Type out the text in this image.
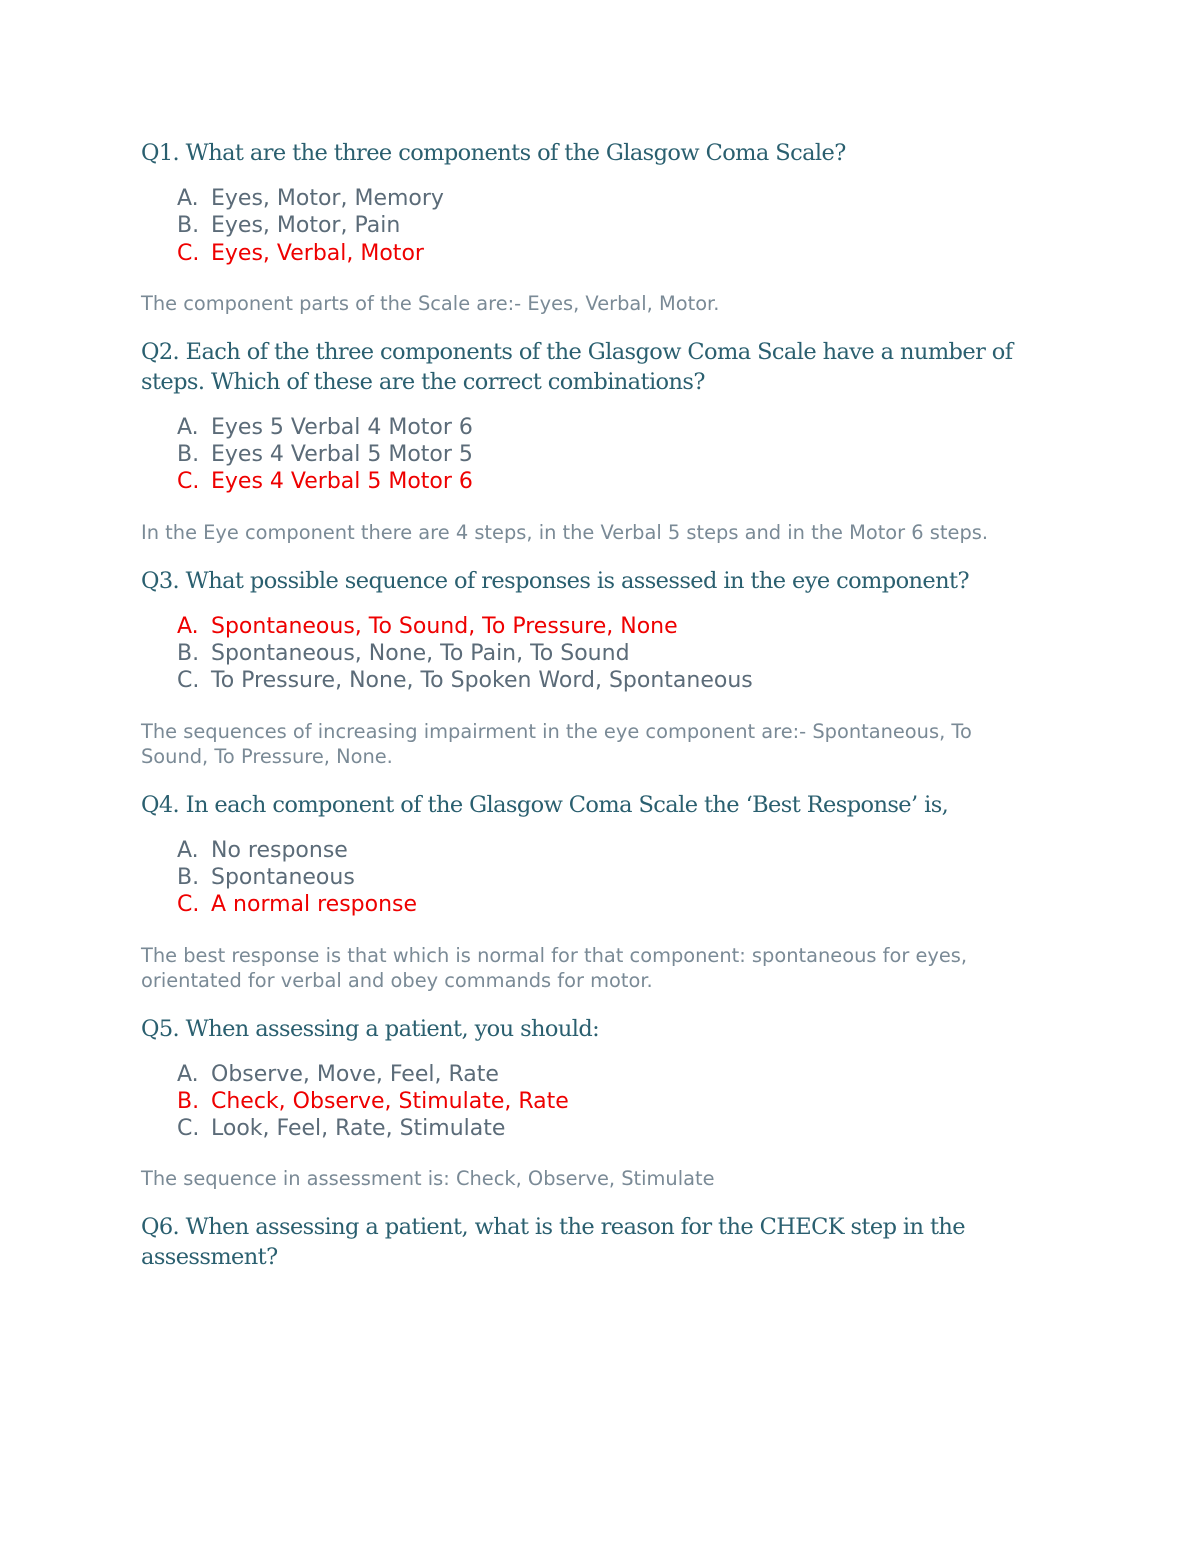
Q1. What are the three components of the Glasgow Coma Scale?

A. Eyes, Motor, Memory
B. Eyes, Motor, Pain
C. Eyes, Verbal, Motor

The component parts of the Scale are:- Eyes, Verbal, Motor.

Q2. Each of the three components of the Glasgow Coma Scale have a number of steps. Which of these are the correct combinations?

A. Eyes 5 Verbal 4 Motor 6
B. Eyes 4 Verbal 5 Motor 5
C. Eyes 4 Verbal 5 Motor 6

In the Eye component there are 4 steps, in the Verbal 5 steps and in the Motor 6 steps.

Q3. What possible sequence of responses is assessed in the eye component?

A. Spontaneous, To Sound, To Pressure, None
B. Spontaneous, None, To Pain, To Sound
C. To Pressure, None, To Spoken Word, Spontaneous

The sequences of increasing impairment in the eye component are:- Spontaneous, To Sound, To Pressure, None.

Q4. In each component of the Glasgow Coma Scale the ‘Best Response’ is,

A. No response
B. Spontaneous
C. A normal response

The best response is that which is normal for that component: spontaneous for eyes, orientated for verbal and obey commands for motor.

Q5. When assessing a patient, you should:

A. Observe, Move, Feel, Rate
B. Check, Observe, Stimulate, Rate
C. Look, Feel, Rate, Stimulate

The sequence in assessment is: Check, Observe, Stimulate

Q6. When assessing a patient, what is the reason for the CHECK step in the assessment?
